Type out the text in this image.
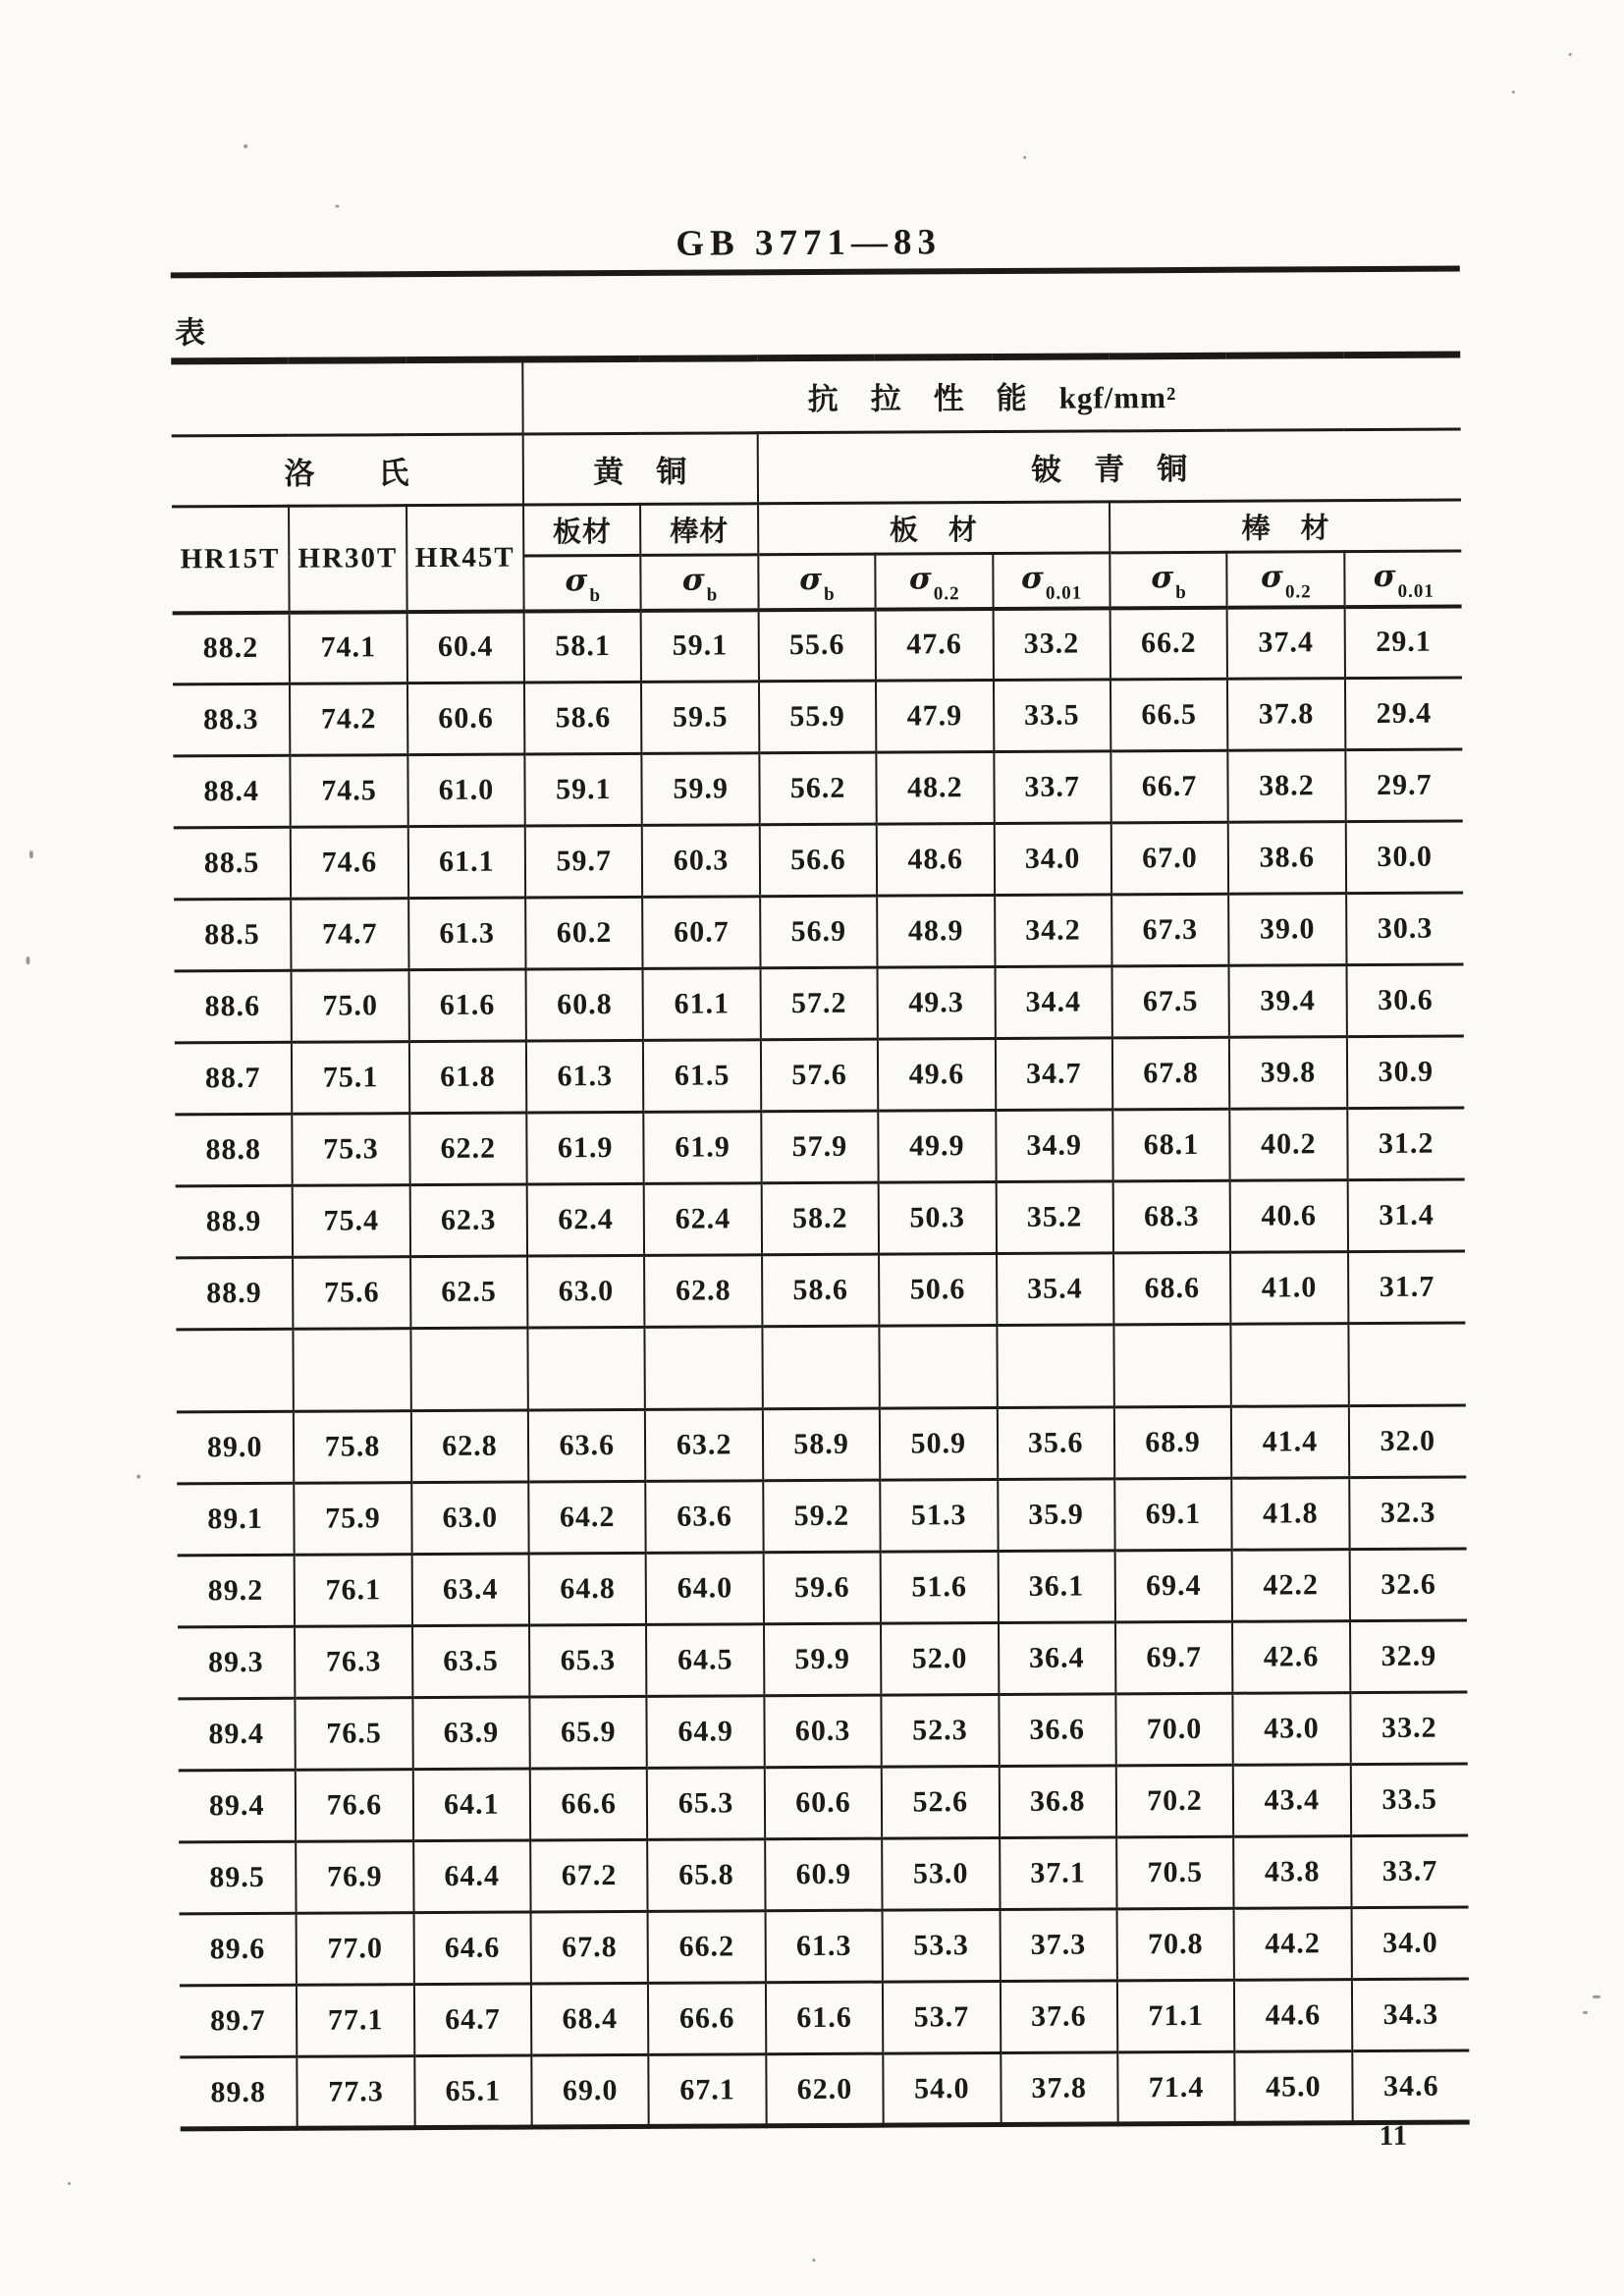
GB 3771—83
表
			抗　拉　性　能　kgf/mm²							
洛　　氏			黄　铜		铍　青　铜					
HR15T	HR30T	HR45T	板材	棒材	板　材			棒　材		
			$\sigma_b$	$\sigma_b$	$\sigma_b$	$\sigma_{0.2}$	$\sigma_{0.01}$	$\sigma_b$	$\sigma_{0.2}$	$\sigma_{0.01}$
88.2	74.1	60.4	58.1	59.1	55.6	47.6	33.2	66.2	37.4	29.1
88.3	74.2	60.6	58.6	59.5	55.9	47.9	33.5	66.5	37.8	29.4
88.4	74.5	61.0	59.1	59.9	56.2	48.2	33.7	66.7	38.2	29.7
88.5	74.6	61.1	59.7	60.3	56.6	48.6	34.0	67.0	38.6	30.0
88.5	74.7	61.3	60.2	60.7	56.9	48.9	34.2	67.3	39.0	30.3
88.6	75.0	61.6	60.8	61.1	57.2	49.3	34.4	67.5	39.4	30.6
88.7	75.1	61.8	61.3	61.5	57.6	49.6	34.7	67.8	39.8	30.9
88.8	75.3	62.2	61.9	61.9	57.9	49.9	34.9	68.1	40.2	31.2
88.9	75.4	62.3	62.4	62.4	58.2	50.3	35.2	68.3	40.6	31.4
88.9	75.6	62.5	63.0	62.8	58.6	50.6	35.4	68.6	41.0	31.7

89.0	75.8	62.8	63.6	63.2	58.9	50.9	35.6	68.9	41.4	32.0
89.1	75.9	63.0	64.2	63.6	59.2	51.3	35.9	69.1	41.8	32.3
89.2	76.1	63.4	64.8	64.0	59.6	51.6	36.1	69.4	42.2	32.6
89.3	76.3	63.5	65.3	64.5	59.9	52.0	36.4	69.7	42.6	32.9
89.4	76.5	63.9	65.9	64.9	60.3	52.3	36.6	70.0	43.0	33.2
89.4	76.6	64.1	66.6	65.3	60.6	52.6	36.8	70.2	43.4	33.5
89.5	76.9	64.4	67.2	65.8	60.9	53.0	37.1	70.5	43.8	33.7
89.6	77.0	64.6	67.8	66.2	61.3	53.3	37.3	70.8	44.2	34.0
89.7	77.1	64.7	68.4	66.6	61.6	53.7	37.6	71.1	44.6	34.3
89.8	77.3	65.1	69.0	67.1	62.0	54.0	37.8	71.4	45.0	34.6
11
